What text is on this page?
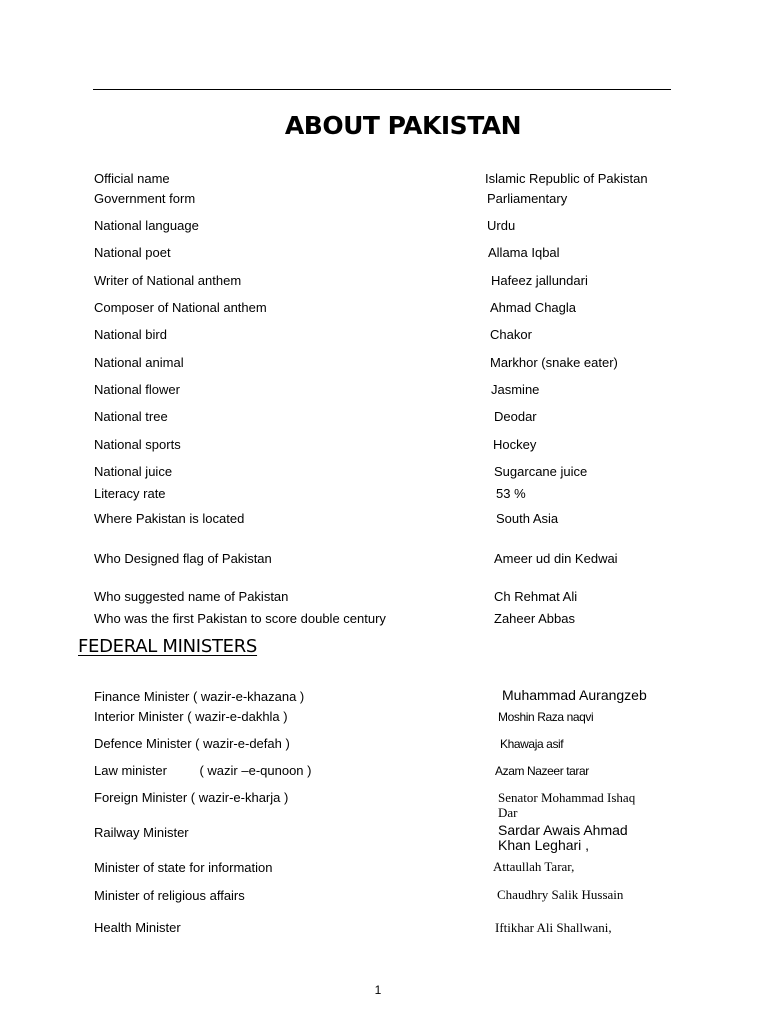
ABOUT PAKISTAN
Official name	Islamic Republic of Pakistan
Government form	Parliamentary
National language	Urdu
National poet	Allama Iqbal
Writer of National anthem	Hafeez jallundari
Composer of National anthem	Ahmad Chagla
National bird	Chakor
National animal	Markhor (snake eater)
National flower	Jasmine
National tree	Deodar
National sports	Hockey
National juice	Sugarcane juice
Literacy rate	53 %
Where Pakistan is located	South Asia
Who Designed flag of Pakistan	Ameer ud din Kedwai
Who suggested name of Pakistan	Ch Rehmat Ali
Who was the first Pakistan to score double century	Zaheer Abbas
FEDERAL MINISTERS
Finance Minister ( wazir-e-khazana )	Muhammad Aurangzeb
Interior Minister ( wazir-e-dakhla )	Moshin Raza naqvi
Defence Minister ( wazir-e-defah )	Khawaja asif
Law minister         ( wazir –e-qunoon )	Azam Nazeer tarar
Foreign Minister ( wazir-e-kharja )	Senator Mohammad Ishaq Dar
Railway Minister	Sardar Awais Ahmad Khan Leghari ,
Minister of state for information	Attaullah Tarar,
Minister of religious affairs	Chaudhry Salik Hussain
Health Minister	Iftikhar Ali Shallwani,
1
